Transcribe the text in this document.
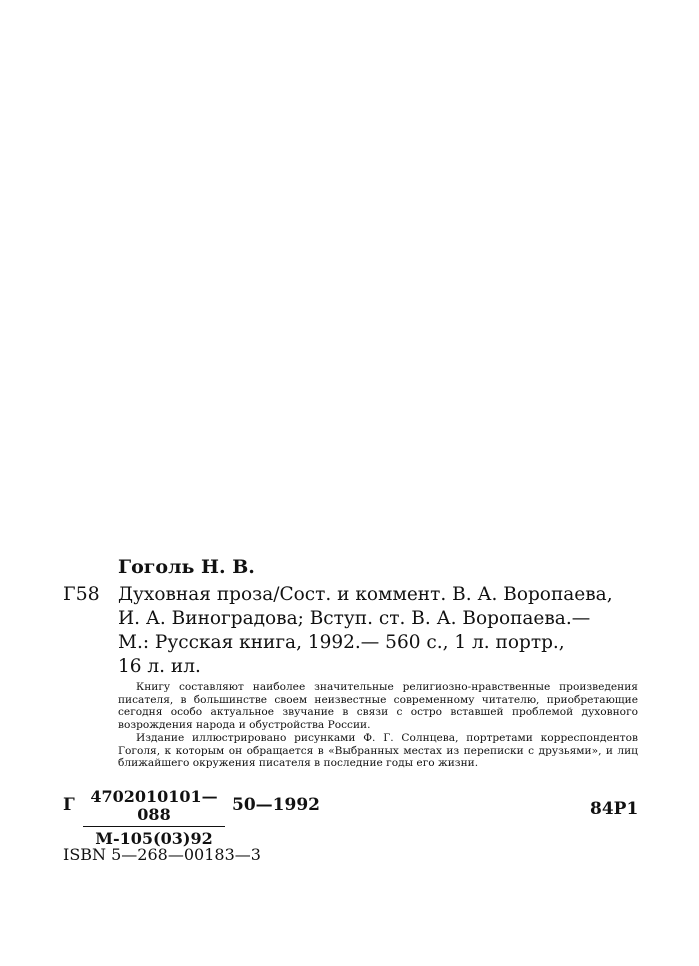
Гоголь Н. В.
Г58 Духовная проза/Сост. и коммент. В. А. Воропаева,
И. А. Виноградова; Вступ. ст. В. А. Воропаева.—
М.: Русская книга, 1992.— 560 с., 1 л. портр.,
16 л. ил.

Книгу составляют наиболее значительные религиозно-нравственные произведения писателя, в большинстве своем неизвестные современному читателю, приобретающие сегодня особо актуальное звучание в связи с остро вставшей проблемой духовного возрождения народа и обустройства России.

Издание иллюстрировано рисунками Ф. Г. Солнцева, портретами корреспондентов Гоголя, к которым он обращается в «Выбранных местах из переписки с друзьями», и лиц ближайшего окружения писателя в последние годы его жизни.

Г 4702010101—088
М-105(03)92
50—1992	84Р1
ISBN 5—268—00183—3
